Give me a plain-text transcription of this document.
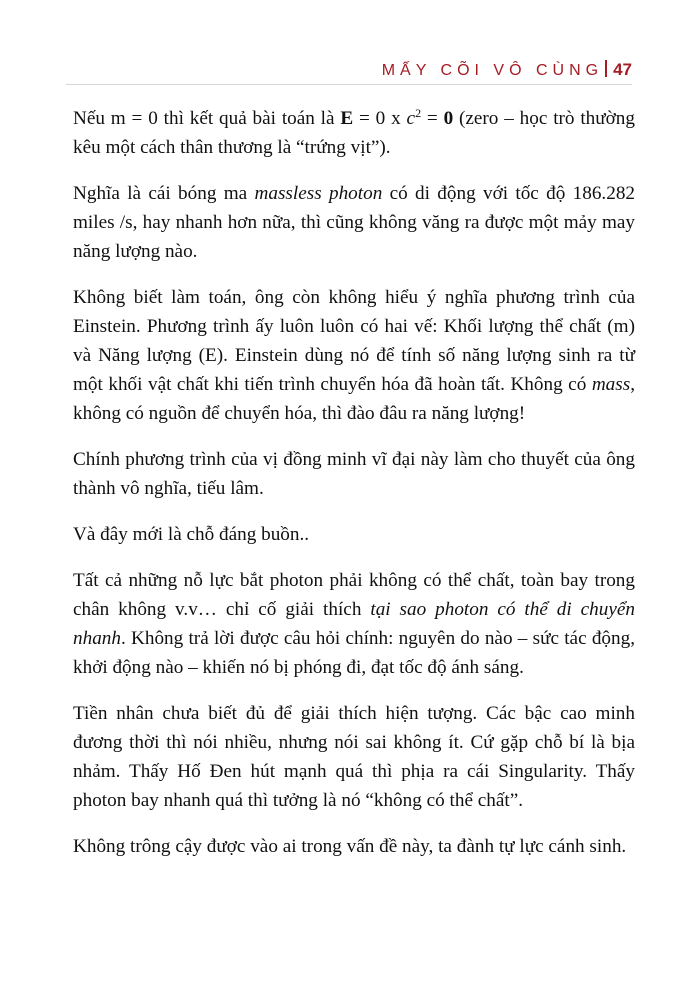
MẤY CÕI VÔ CÙNG 47

Nếu m = 0 thì kết quả bài toán là E = 0 x $c^2 = 0$ (zero – học trò thường kêu một cách thân thương là “trứng vịt”).

Nghĩa là cái bóng ma massless photon có di động với tốc độ 186.282 miles /s, hay nhanh hơn nữa, thì cũng không văng ra được một mảy may năng lượng nào.

Không biết làm toán, ông còn không hiểu ý nghĩa phương trình của Einstein. Phương trình ấy luôn luôn có hai vế: Khối lượng thể chất (m) và Năng lượng (E). Einstein dùng nó để tính số năng lượng sinh ra từ một khối vật chất khi tiến trình chuyển hóa đã hoàn tất. Không có mass, không có nguồn để chuyển hóa, thì đào đâu ra năng lượng!

Chính phương trình của vị đồng minh vĩ đại này làm cho thuyết của ông thành vô nghĩa, tiếu lâm.

Và đây mới là chỗ đáng buồn..

Tất cả những nỗ lực bắt photon phải không có thể chất, toàn bay trong chân không v.v… chỉ cố giải thích tại sao photon có thể di chuyển nhanh. Không trả lời được câu hỏi chính: nguyên do nào – sức tác động, khởi động nào – khiến nó bị phóng đi, đạt tốc độ ánh sáng.

Tiền nhân chưa biết đủ để giải thích hiện tượng. Các bậc cao minh đương thời thì nói nhiều, nhưng nói sai không ít. Cứ gặp chỗ bí là bịa nhảm. Thấy Hố Đen hút mạnh quá thì phịa ra cái Singularity. Thấy photon bay nhanh quá thì tưởng là nó “không có thể chất”.

Không trông cậy được vào ai trong vấn đề này, ta đành tự lực cánh sinh.
